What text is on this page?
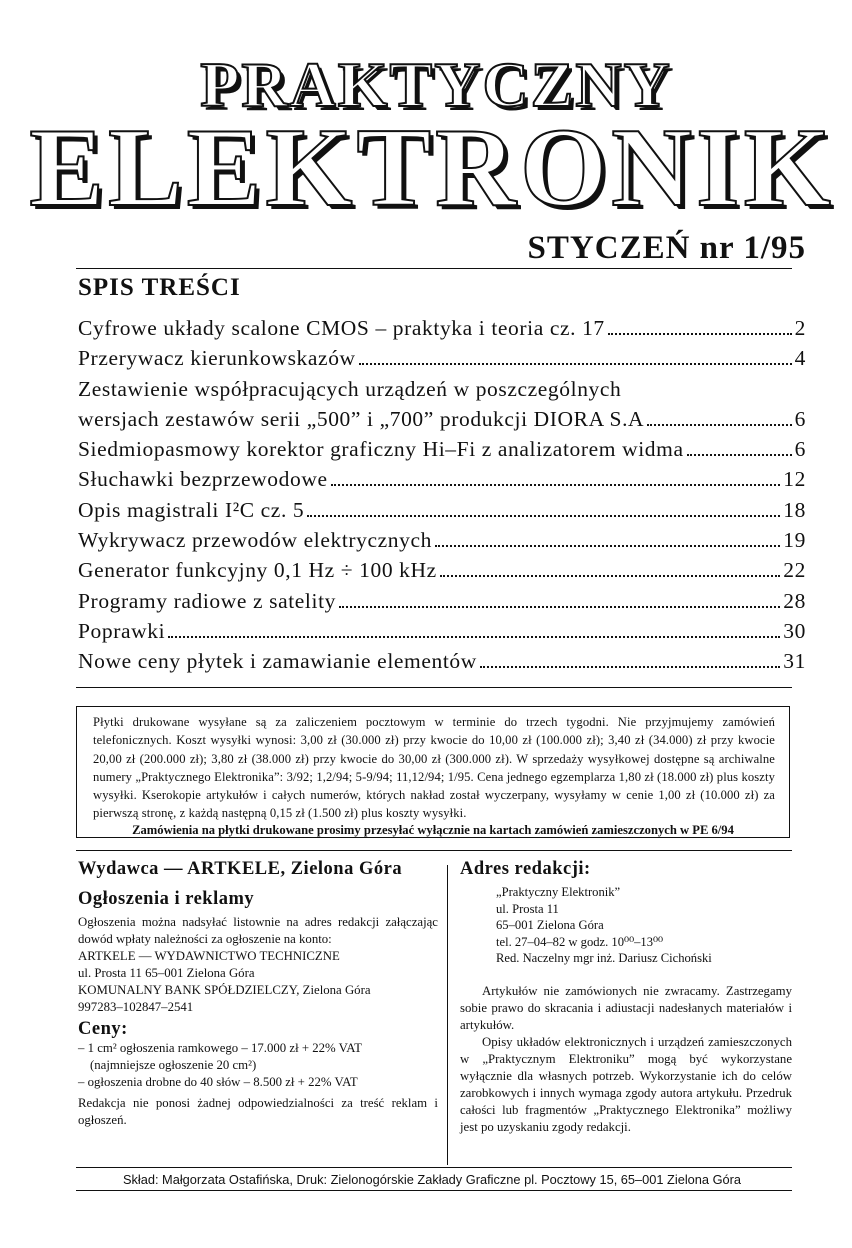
PRAKTYCZNY
ELEKTRONIK
STYCZEŃ nr 1/95
SPIS TREŚCI
Cyfrowe układy scalone CMOS – praktyka i teoria cz. 17	2
Przerywacz kierunkowskazów	4
Zestawienie współpracujących urządzeń w poszczególnych
wersjach zestawów serii „500” i „700” produkcji DIORA S.A	6
Siedmiopasmowy korektor graficzny Hi–Fi z analizatorem widma	6
Słuchawki bezprzewodowe	12
Opis magistrali I²C cz. 5	18
Wykrywacz przewodów elektrycznych	19
Generator funkcyjny 0,1 Hz ÷ 100 kHz	22
Programy radiowe z satelity	28
Poprawki	30
Nowe ceny płytek i zamawianie elementów	31

Płytki drukowane wysyłane są za zaliczeniem pocztowym w terminie do trzech tygodni. Nie przyjmujemy zamówień telefonicznych. Koszt wysyłki wynosi: 3,00 zł (30.000 zł) przy kwocie do 10,00 zł (100.000 zł); 3,40 zł (34.000) zł przy kwocie 20,00 zł (200.000 zł); 3,80 zł (38.000 zł) przy kwocie do 30,00 zł (300.000 zł). W sprzedaży wysyłkowej dostępne są archiwalne numery „Praktycznego Elektronika”: 3/92; 1,2/94; 5-9/94; 11,12/94; 1/95. Cena jednego egzemplarza 1,80 zł (18.000 zł) plus koszty wysyłki. Kserokopie artykułów i całych numerów, których nakład został wyczerpany, wysyłamy w cenie 1,00 zł (10.000 zł) za pierwszą stronę, z każdą następną 0,15 zł (1.500 zł) plus koszty wysyłki.

Zamówienia na płytki drukowane prosimy przesyłać wyłącznie na kartach zamówień zamieszczonych w PE 6/94
Wydawca — ARTKELE, Zielona Góra
Ogłoszenia i reklamy

Ogłoszenia można nadsyłać listownie na adres redakcji załączając dowód wpłaty należności za ogłoszenie na konto:

ARTKELE — WYDAWNICTWO TECHNICZNE

ul. Prosta 11 65–001 Zielona Góra

KOMUNALNY BANK SPÓŁDZIELCZY, Zielona Góra

997283–102847–2541

Ceny:

– 1 cm² ogłoszenia ramkowego – 17.000 zł + 22% VAT

(najmniejsze ogłoszenie 20 cm²)

– ogłoszenia drobne do 40 słów – 8.500 zł + 22% VAT

Redakcja nie ponosi żadnej odpowiedzialności za treść reklam i ogłoszeń.

Adres redakcji:

„Praktyczny Elektronik”

ul. Prosta 11

65–001 Zielona Góra

tel. 27–04–82 w godz. 10⁰⁰–13⁰⁰

Red. Naczelny mgr inż. Dariusz Cichoński

Artykułów nie zamówionych nie zwracamy. Zastrzegamy sobie prawo do skracania i adiustacji nadesłanych materiałów i artykułów.

Opisy układów elektronicznych i urządzeń zamieszczonych w „Praktycznym Elektroniku” mogą być wykorzystane wyłącznie dla własnych potrzeb. Wykorzystanie ich do celów zarobkowych i innych wymaga zgody autora artykułu. Przedruk całości lub fragmentów „Praktycznego Elektronika” możliwy jest po uzyskaniu zgody redakcji.

Skład: Małgorzata Ostafińska, Druk: Zielonogórskie Zakłady Graficzne pl. Pocztowy 15, 65–001 Zielona Góra
